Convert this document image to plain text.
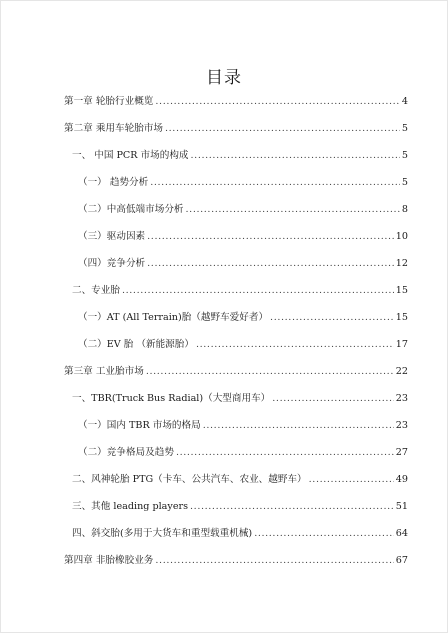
目录
第一章 轮胎行业概览 .....	4
第二章 乘用车轮胎市场 .....	5
一、 中国 PCR 市场的构成 .....	5
（一） 趋势分析 .....	5
（二）中高低端市场分析 .....	8
（三）驱动因素 .....	10
（四）竞争分析 .....	12
二、专业胎 .....	15
（一）AT (All Terrain)胎（越野车爱好者） .....	15
（二）EV 胎 （新能源胎） .....	17
第三章 工业胎市场 .....	22
一、TBR(Truck Bus Radial)（大型商用车） .....	23
（一）国内 TBR 市场的格局 .....	23
（二）竞争格局及趋势 .....	27
二、风神轮胎 PTG（卡车、公共汽车、农业、越野车） .....	49
三、其他 leading players .....	51
四、斜交胎(多用于大货车和重型载重机械) .....	64
第四章 非胎橡胶业务 .....	67
